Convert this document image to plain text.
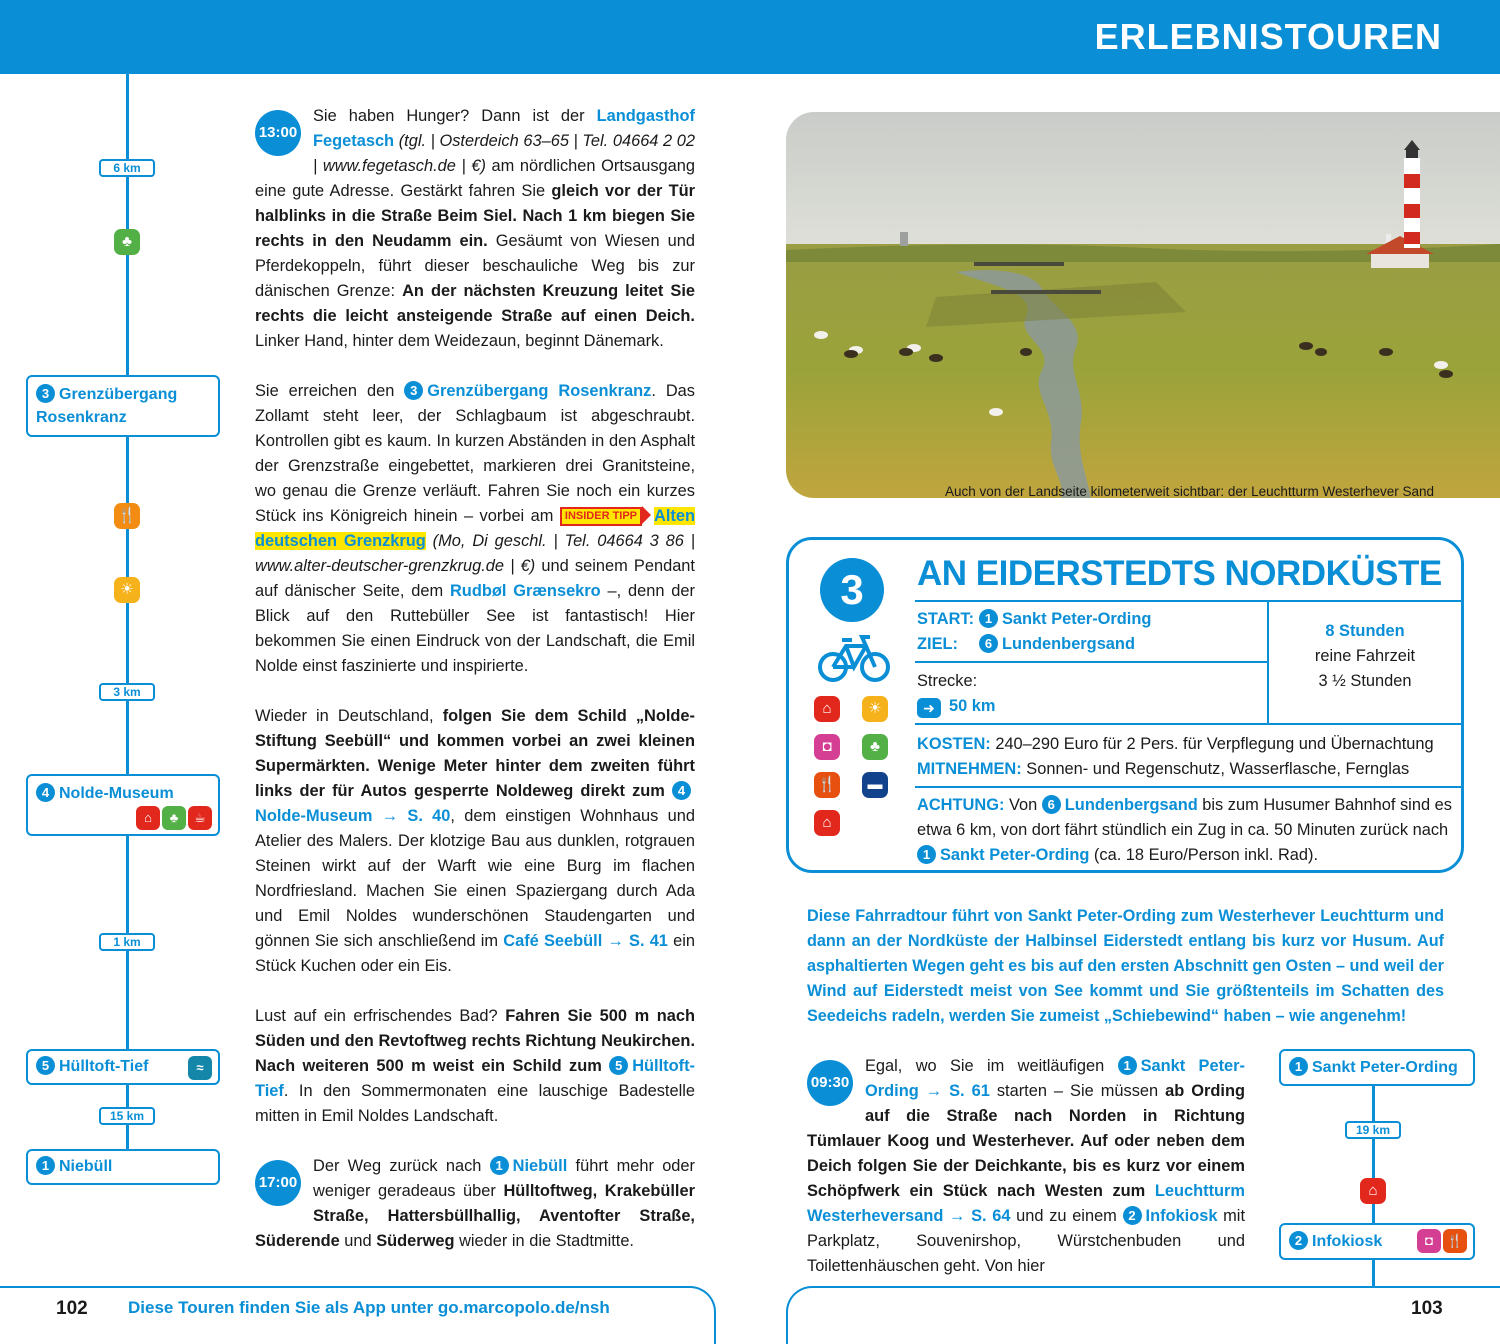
ERLEBNISTOUREN
6 km
3 km
1 km
15 km
♣
🍴
☀
3 Grenzübergang
Rosenkranz
4 Nolde-Museum
⌂ ♣ ☕
5 Hülltoft-Tief	≈
1 Niebüll

13:00
Sie haben Hunger? Dann ist der Landgasthof Fegetasch (tgl. | Osterdeich 63–65 | Tel. 04664 2 02 | www.fegetasch.de | €) am nördlichen Ortsausgang eine gute Adresse. Gestärkt fahren Sie gleich vor der Tür halblinks in die Straße Beim Siel. Nach 1 km biegen Sie rechts in den Neudamm ein. Gesäumt von Wiesen und Pferdekoppeln, führt dieser beschauliche Weg bis zur dänischen Grenze: An der nächsten Kreuzung leitet Sie rechts die leicht ansteigende Straße auf einen Deich. Linker Hand, hinter dem Weidezaun, beginnt Dänemark.

Sie erreichen den 3 Grenzübergang Rosenkranz. Das Zollamt steht leer, der Schlagbaum ist abgeschraubt. Kontrollen gibt es kaum. In kurzen Abständen in den Asphalt der Grenzstraße eingebettet, markieren drei Granitsteine, wo genau die Grenze verläuft. Fahren Sie noch ein kurzes Stück ins Königreich hinein – vorbei am INSIDER TIPP Alten deutschen Grenzkrug (Mo, Di geschl. | Tel. 04664 3 86 | www.alter-deutscher-grenzkrug.de | €) und seinem Pendant auf dänischer Seite, dem Rudbøl Grænsekro –, denn der Blick auf den Ruttebüller See ist fantastisch! Hier bekommen Sie einen Eindruck von der Landschaft, die Emil Nolde einst faszinierte und inspirierte.

Wieder in Deutschland, folgen Sie dem Schild „Nolde-Stiftung Seebüll“ und kommen vorbei an zwei kleinen Supermärkten. Wenige Meter hinter dem zweiten führt links der für Autos gesperrte Noldeweg direkt zum 4Nolde-Museum → S. 40, dem einstigen Wohnhaus und Atelier des Malers. Der klotzige Bau aus dunklen, rotgrauen Steinen wirkt auf der Warft wie eine Burg im flachen Nordfriesland. Machen Sie einen Spaziergang durch Ada und Emil Noldes wunderschönen Staudengarten und gönnen Sie sich anschließend im Café Seebüll → S. 41 ein Stück Kuchen oder ein Eis.

Lust auf ein erfrischendes Bad? Fahren Sie 500 m nach Süden und den Revtoftweg rechts Richtung Neukirchen. Nach weiteren 500 m weist ein Schild zum 5 Hülltoft-Tief. In den Sommermonaten eine lauschige Badestelle mitten in Emil Noldes Landschaft.

17:00
Der Weg zurück nach 1 Niebüll führt mehr oder weniger geradeaus über Hülltoftweg, Krakebüller Straße, Hattersbüllhallig, Aventofter Straße, Süderende und Süderweg wieder in die Stadtmitte.

Auch von der Landseite kilometerweit sichtbar: der Leuchtturm Westerhever Sand
3	AN EIDERSTEDTS NORDKÜSTE
⌂	☀
◘	♣
🍴	▬
⌂
START: 1 Sankt Peter-Ording
ZIEL: 6 Lundenbergsand
Strecke:
➜ 50 km
8 Stunden
reine Fahrzeit
3 ½ Stunden
KOSTEN: 240–290 Euro für 2 Pers. für Verpflegung und Übernachtung
MITNEHMEN: Sonnen- und Regenschutz, Wasserflasche, Fernglas
ACHTUNG: Von 6 Lundenbergsand bis zum Husumer Bahnhof sind es etwa 6 km, von dort fährt stündlich ein Zug in ca. 50 Minuten zurück nach 1 Sankt Peter-Ording (ca. 18 Euro/Person inkl. Rad).
Diese Fahrradtour führt von Sankt Peter-Ording zum Westerhever Leuchtturm und dann an der Nordküste der Halbinsel Eiderstedt entlang bis kurz vor Husum. Auf asphaltierten Wegen geht es bis auf den ersten Abschnitt gen Osten – und weil der Wind auf Eiderstedt meist von See kommt und Sie größtenteils im Schatten des Seedeichs radeln, werden Sie zumeist „Schiebewind“ haben – wie angenehm!
09:30
Egal, wo Sie im weitläufigen 1 Sankt Peter-Ording → S. 61 starten – Sie müssen ab Ording auf die Straße nach Norden in Richtung Tümlauer Koog und Westerhever. Auf oder neben dem Deich folgen Sie der Deichkante, bis es kurz vor einem Schöpfwerk ein Stück nach Westen zum Leuchtturm Westerheversand → S. 64 und zu einem 2 Infokiosk mit Parkplatz, Souvenirshop, Würstchenbuden und Toilettenhäuschen geht. Von hier
1 Sankt Peter-Ording
19 km
⌂
2 Infokiosk	◘ 🍴
102 Diese Touren finden Sie als App unter go.marcopolo.de/nsh	103
